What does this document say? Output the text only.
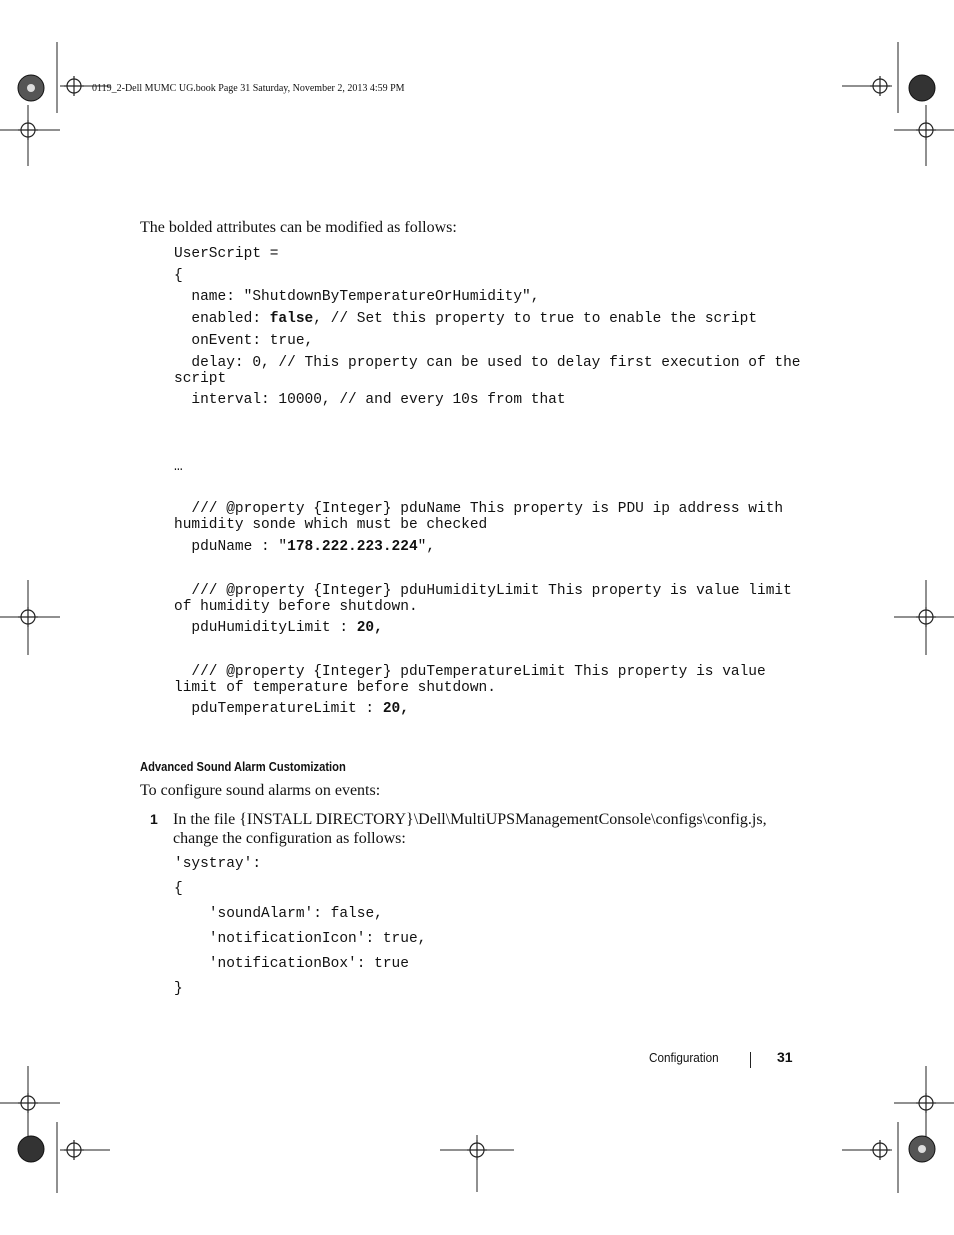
0119_2-Dell MUMC UG.book Page 31 Saturday, November 2, 2013 4:59 PM
The bolded attributes can be modified as follows:
UserScript =
{
name: "ShutdownByTemperatureOrHumidity",
enabled: false, // Set this property to true to enable the script
onEvent: true,
delay: 0, // This property can be used to delay first execution of the script
interval: 10000, // and every 10s from that
…
/// @property {Integer} pduName This property is PDU ip address with   humidity sonde which must be checked
pduName : "178.222.223.224",
/// @property {Integer} pduHumidityLimit This property is value limit of humidity before shutdown.
pduHumidityLimit : 20,
/// @property {Integer} pduTemperatureLimit This property is value limit of temperature before shutdown.
pduTemperatureLimit : 20,
Advanced Sound Alarm Customization
To configure sound alarms on events:
1 In the file {INSTALL DIRECTORY}\Dell\MultiUPSManagementConsole\configs\config.js, change the configuration as follows:
'systray':
{
'soundAlarm': false,
'notificationIcon': true,
'notificationBox': true
}
Configuration	31
